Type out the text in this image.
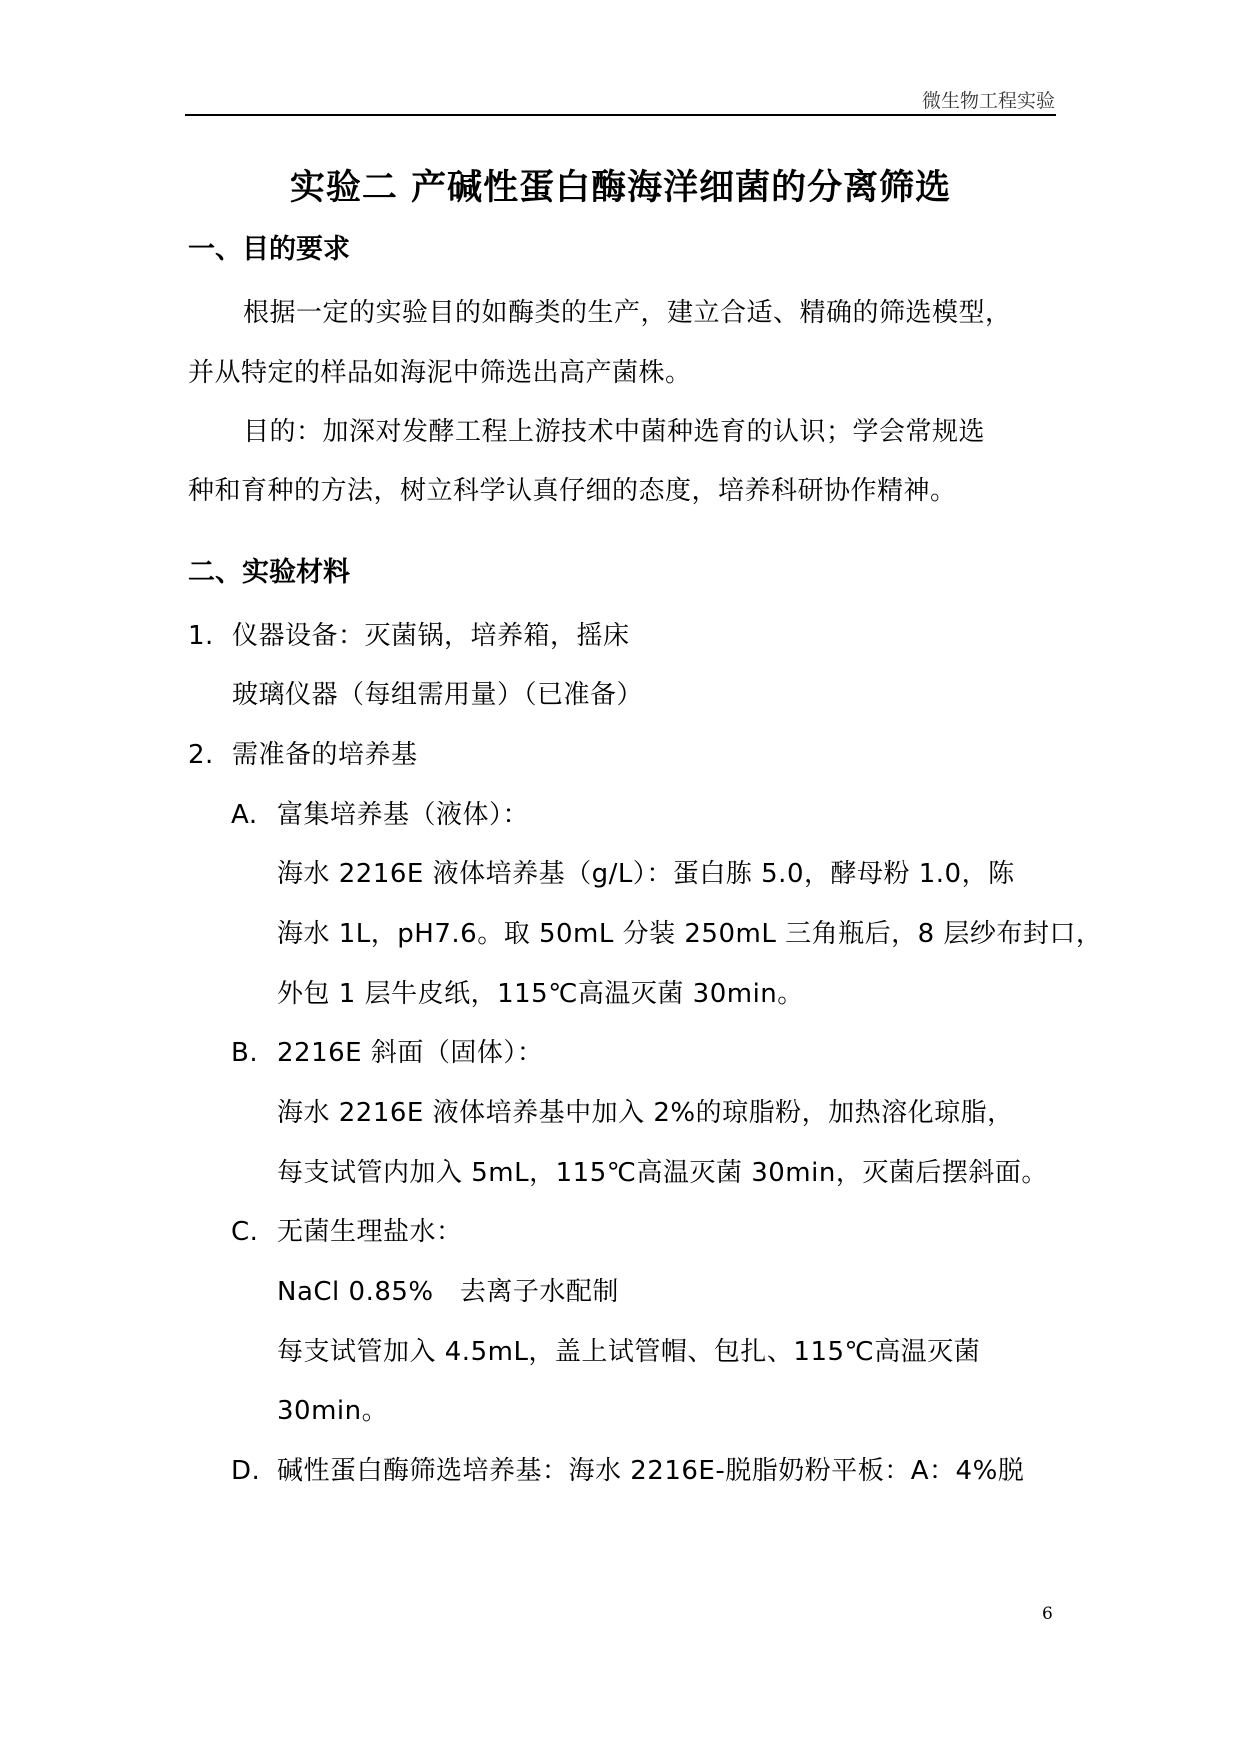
微生物工程实验
实验二 产碱性蛋白酶海洋细菌的分离筛选
一、目的要求
根据一定的实验目的如酶类的生产，建立合适、精确的筛选模型，
并从特定的样品如海泥中筛选出高产菌株。
目的：加深对发酵工程上游技术中菌种选育的认识；学会常规选
种和育种的方法，树立科学认真仔细的态度，培养科研协作精神。
二、实验材料
1. 仪器设备：灭菌锅，培养箱，摇床
玻璃仪器（每组需用量）（已准备）
2. 需准备的培养基
A. 富集培养基（液体）：
海水 2216E 液体培养基（g/L）：蛋白胨 5.0，酵母粉 1.0，陈
海水 1L，pH7.6。取 50mL 分装 250mL 三角瓶后，8 层纱布封口，
外包 1 层牛皮纸，115℃高温灭菌 30min。
B. 2216E 斜面（固体）：
海水 2216E 液体培养基中加入 2%的琼脂粉，加热溶化琼脂，
每支试管内加入 5mL，115℃高温灭菌 30min，灭菌后摆斜面。
C. 无菌生理盐水：
NaCl 0.85%   去离子水配制
每支试管加入 4.5mL，盖上试管帽、包扎、115℃高温灭菌
30min。
D. 碱性蛋白酶筛选培养基：海水 2216E-脱脂奶粉平板：A：4%脱
6
